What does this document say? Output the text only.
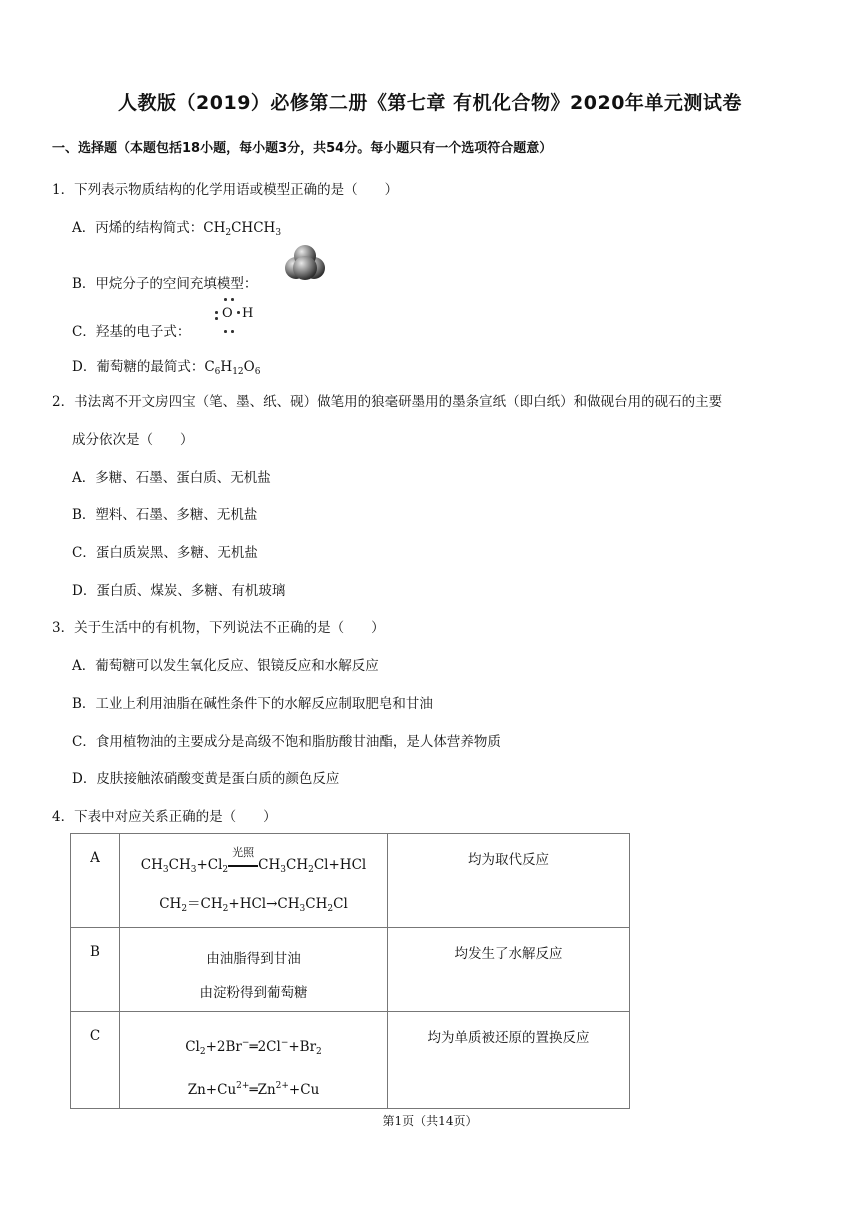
人教版（2019）必修第二册《第七章 有机化合物》2020年单元测试卷
一、选择题（本题包括18小题，每小题3分，共54分。每小题只有一个选项符合题意）
1．下列表示物质结构的化学用语或模型正确的是（　　）
A．丙烯的结构简式：$CH_2CHCH_3$
B．甲烷分子的空间充填模型：
C．羟基的电子式：
O H
D．葡萄糖的最简式：$C_6H_{12}O_6$
2．书法离不开文房四宝（笔、墨、纸、砚）做笔用的狼毫研墨用的墨条宣纸（即白纸）和做砚台用的砚石的主要
成分依次是（　　）
A．多糖、石墨、蛋白质、无机盐
B．塑料、石墨、多糖、无机盐
C．蛋白质炭黑、多糖、无机盐
D．蛋白质、煤炭、多糖、有机玻璃
3．关于生活中的有机物，下列说法不正确的是（　　）
A．葡萄糖可以发生氧化反应、银镜反应和水解反应
B．工业上利用油脂在碱性条件下的水解反应制取肥皂和甘油
C．食用植物油的主要成分是高级不饱和脂肪酸甘油酯，是人体营养物质
D．皮肤接触浓硝酸变黄是蛋白质的颜色反应
4．下表中对应关系正确的是（　　）
A	$CH_3CH_3+Cl_2$
光照
$CH_3CH_2Cl+HCl$
$CH_2=CH_2+HCl\to CH_3CH_2Cl$	均为取代反应
B	由油脂得到甘油
由淀粉得到葡萄糖	均发生了水解反应
C	$Cl_2+2Br^-═2Cl^-+Br_2$
$Zn+Cu^{2+}═Zn^{2+}+Cu$	均为单质被还原的置换反应
第1页（共14页）
